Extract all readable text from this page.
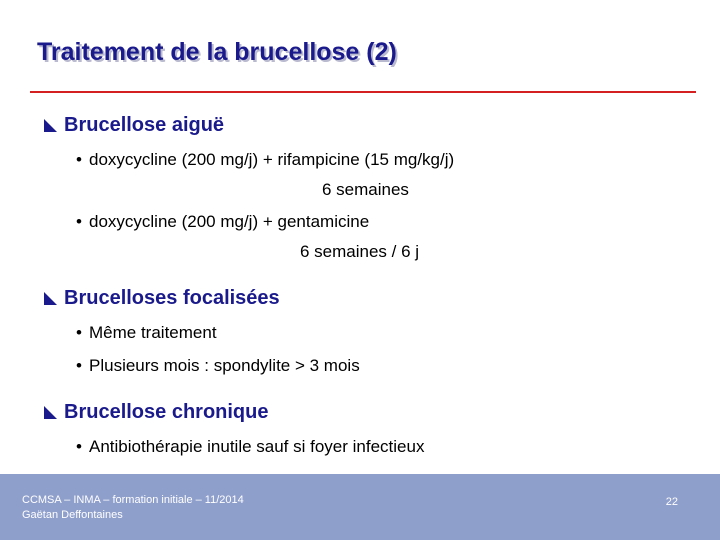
Traitement de la brucellose (2)
Brucellose aiguë
• doxycycline (200 mg/j) + rifampicine (15 mg/kg/j)
6 semaines
• doxycycline (200 mg/j) + gentamicine
6 semaines / 6 j
Brucelloses focalisées
• Même traitement
• Plusieurs mois : spondylite > 3 mois
Brucellose chronique
• Antibiothérapie inutile sauf si foyer infectieux
CCMSA – INMA – formation initiale – 11/2014
Gaëtan Deffontaines
22
